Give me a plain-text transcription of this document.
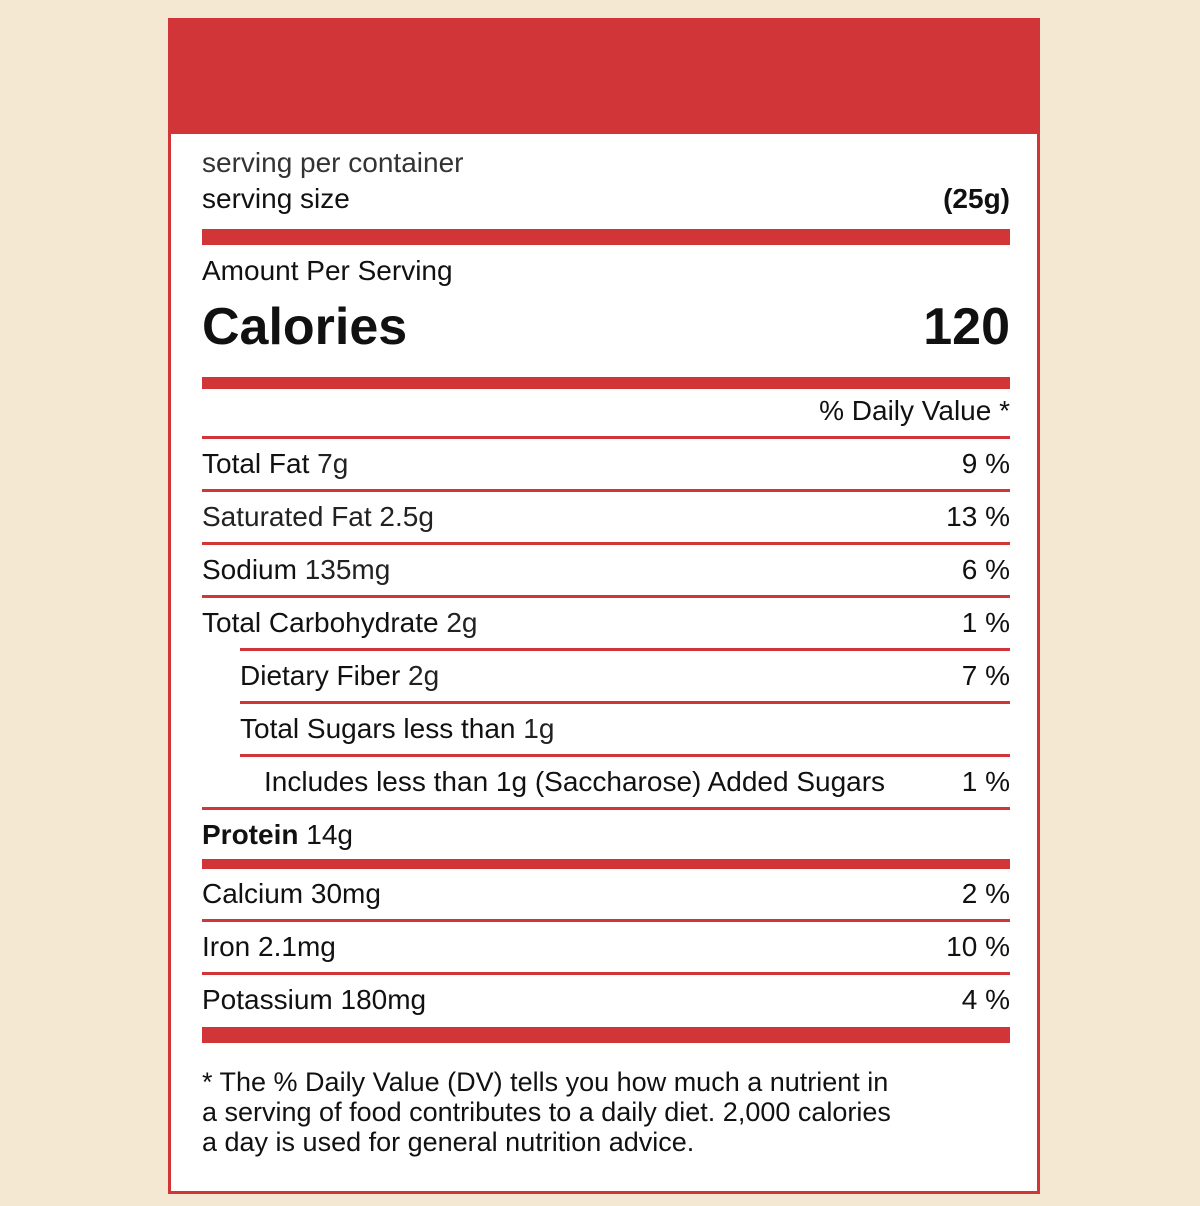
serving per container
serving size	(25g)
Amount Per Serving
Calories	120
% Daily Value *
Total Fat 7g	9 %
Saturated Fat 2.5g	13 %
Sodium 135mg	6 %
Total Carbohydrate 2g	1 %
Dietary Fiber 2g	7 %
Total Sugars less than 1g
Includes less than 1g (Saccharose) Added Sugars	1 %
Protein 14g
Calcium 30mg	2 %
Iron 2.1mg	10 %
Potassium 180mg	4 %
* The % Daily Value (DV) tells you how much a nutrient in
a serving of food contributes to a daily diet. 2,000 calories
a day is used for general nutrition advice.
